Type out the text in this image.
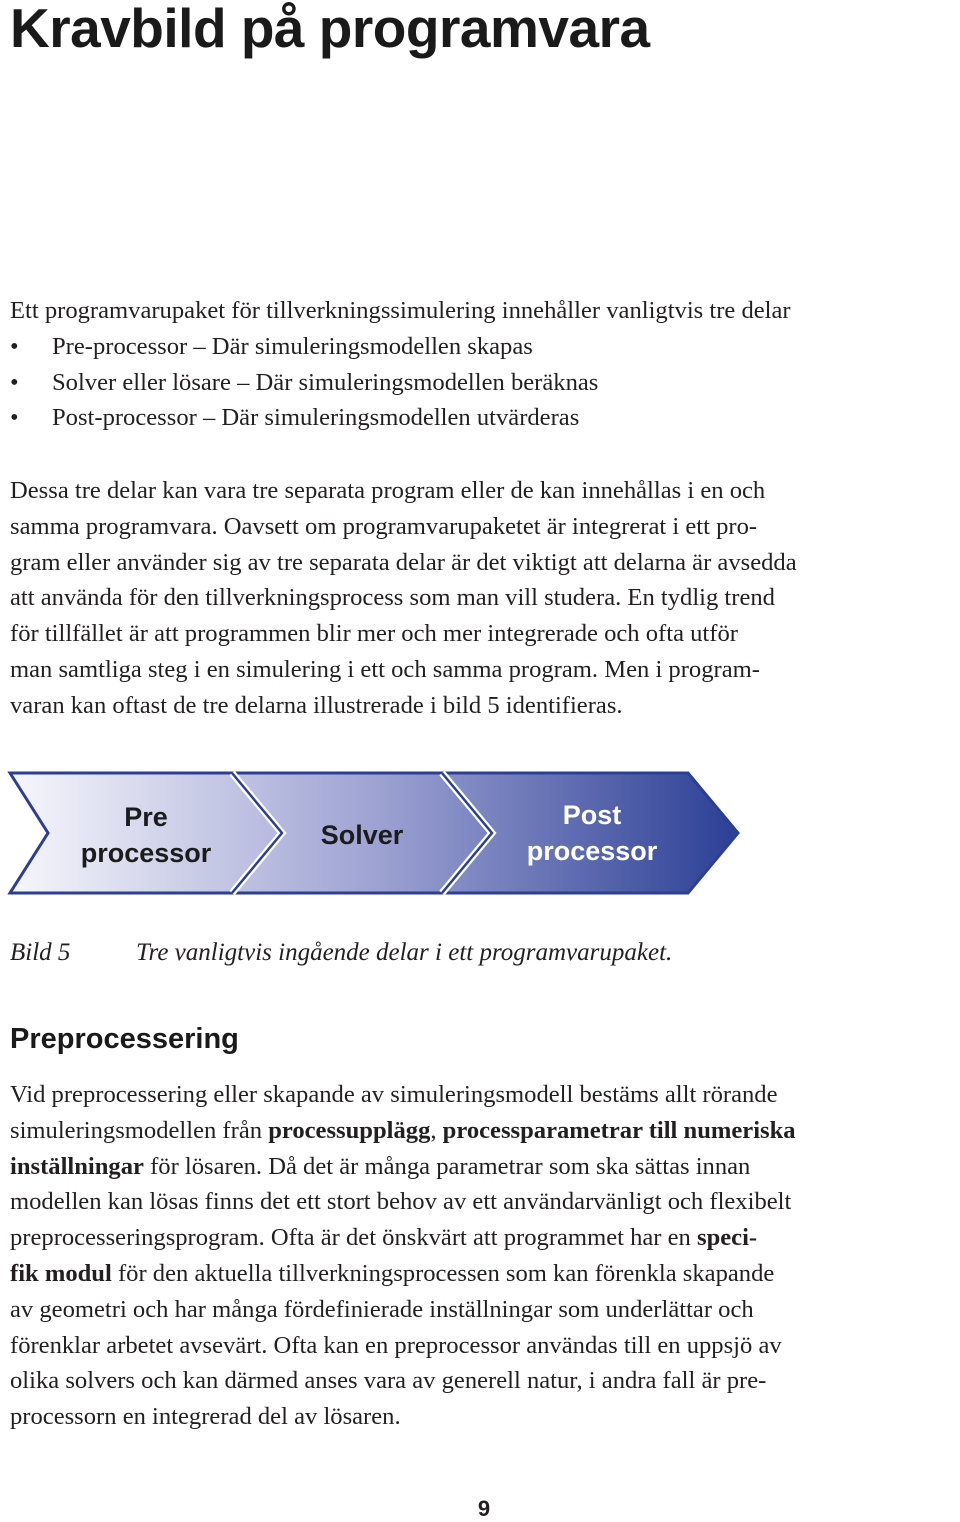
Kravbild på programvara
Ett programvarupaket för tillverkningssimulering innehåller vanligtvis tre delar
• Pre-processor – Där simuleringsmodellen skapas
• Solver eller lösare – Där simuleringsmodellen beräknas
• Post-processor – Där simuleringsmodellen utvärderas
Dessa tre delar kan vara tre separata program eller de kan innehållas i en och
samma programvara. Oavsett om programvarupaketet är integrerat i ett pro-
gram eller använder sig av tre separata delar är det viktigt att delarna är avsedda
att använda för den tillverkningsprocess som man vill studera. En tydlig trend
för tillfället är att programmen blir mer och mer integrerade och ofta utför
man samtliga steg i en simulering i ett och samma program. Men i program-
varan kan oftast de tre delarna illustrerade i bild 5 identifieras.
Pre
processor
Solver
Post
processor
Bild 5	Tre vanligtvis ingående delar i ett programvarupaket.
Preprocessering
Vid preprocessering eller skapande av simuleringsmodell bestäms allt rörande
simuleringsmodellen från processupplägg, processparametrar till numeriska
inställningar för lösaren. Då det är många parametrar som ska sättas innan
modellen kan lösas finns det ett stort behov av ett användarvänligt och flexibelt
preprocesseringsprogram. Ofta är det önskvärt att programmet har en speci-
fik modul för den aktuella tillverkningsprocessen som kan förenkla skapande
av geometri och har många fördefinierade inställningar som underlättar och
förenklar arbetet avsevärt. Ofta kan en preprocessor användas till en uppsjö av
olika solvers och kan därmed anses vara av generell natur, i andra fall är pre-
processorn en integrerad del av lösaren.
9
